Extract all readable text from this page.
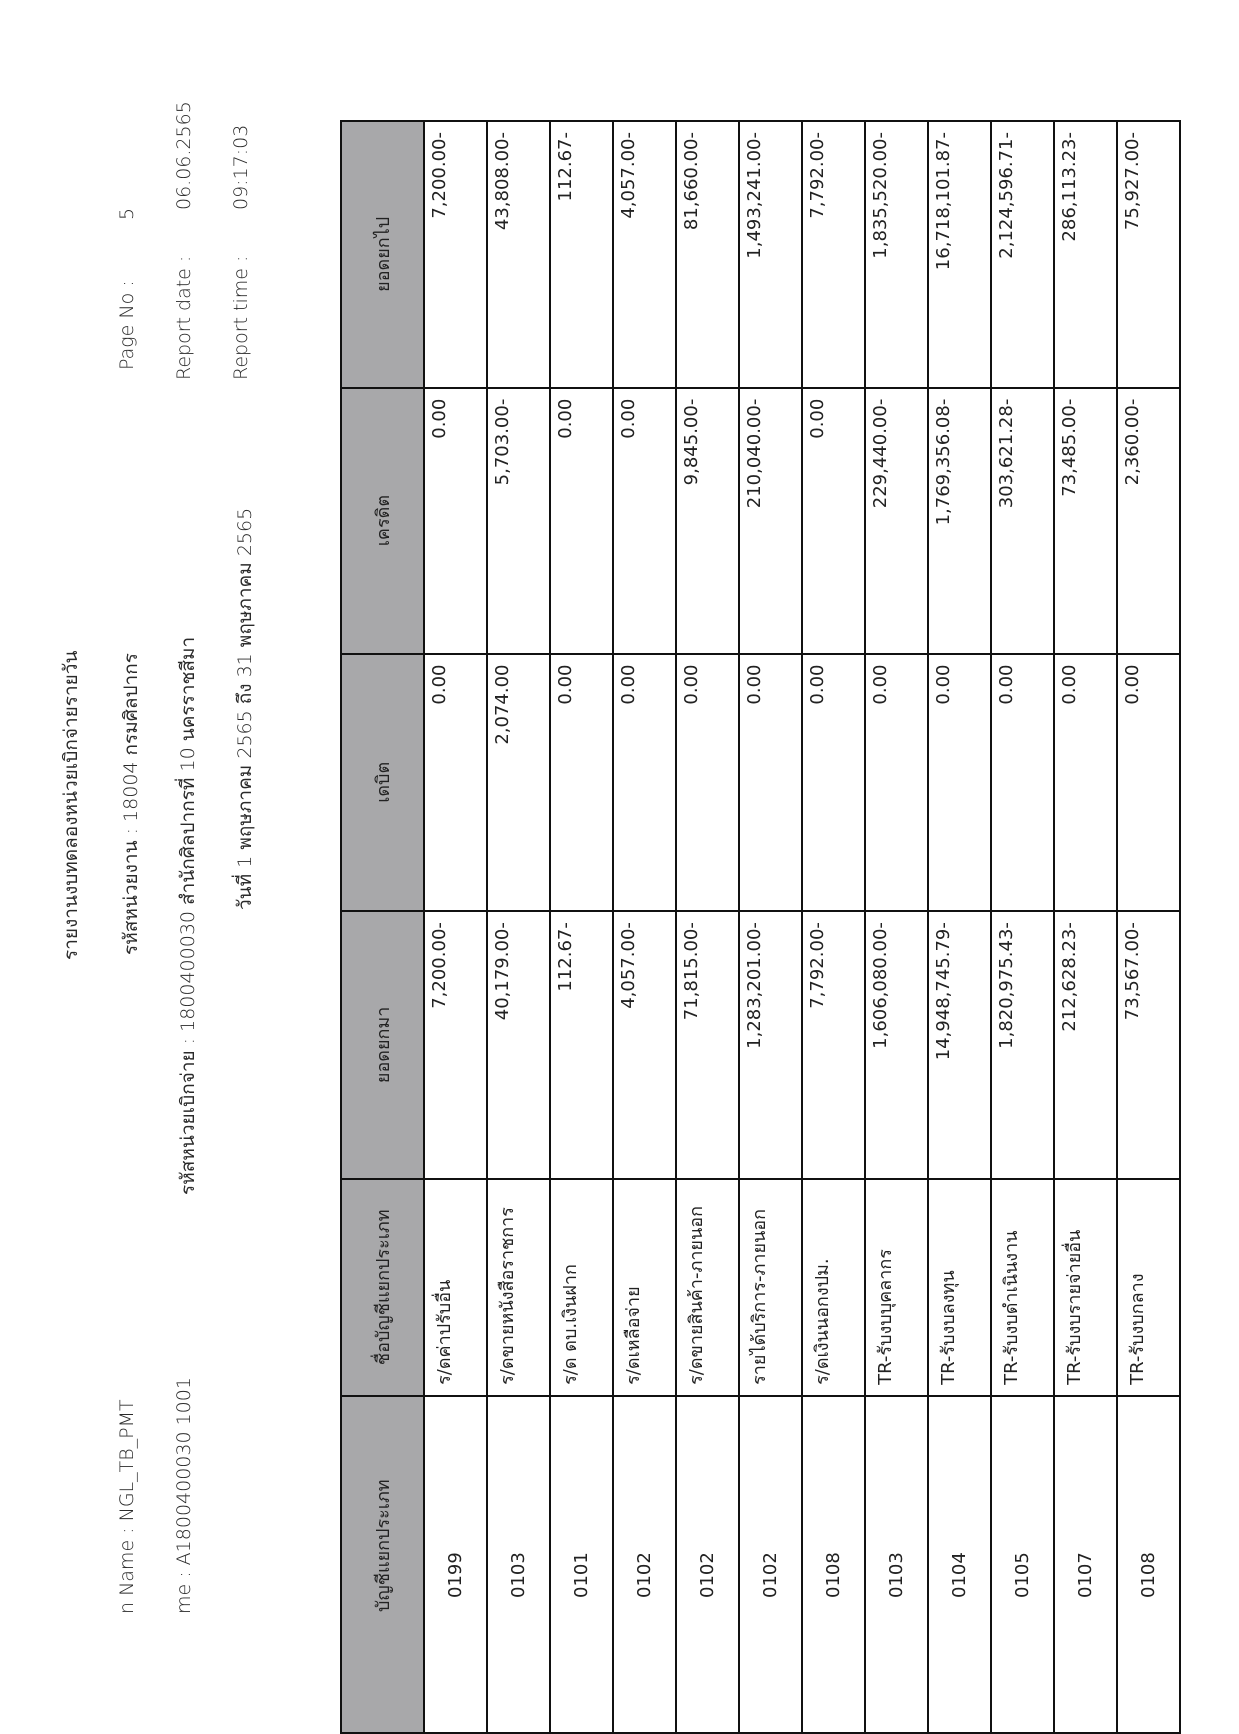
รายงานงบทดลองหน่วยเบิกจ่ายรายวัน รหัสหน่วยงาน : 18004 กรมศิลปากร รหัสหน่วยเบิกจ่าย : 1800400030 สำนักศิลปากรที่ 10 นครราชสีมา วันที่ 1 พฤษภาคม 2565 ถึง 31 พฤษภาคม 2565
n Name : NGL_TB_PMT me : A1800400030 1001
Page No :
5
Report date :
06.06.2565
Report time :
09:17:03
บัญชีแยกประเภท	ชื่อบัญชีแยกประเภท	ยอดยกมา	เดบิต	เครดิต	ยอดยกไป
0199	ร/ดค่าปรับอื่น	7,200.00-	0.00	0.00	7,200.00-
0103	ร/ดขายหนังสือราชการ	40,179.00-	2,074.00	5,703.00-	43,808.00-
0101	ร/ด ดบ.เงินฝาก	112.67-	0.00	0.00	112.67-
0102	ร/ดเหลือจ่าย	4,057.00-	0.00	0.00	4,057.00-
0102	ร/ดขายสินค้า-ภายนอก	71,815.00-	0.00	9,845.00-	81,660.00-
0102	รายได้บริการ-ภายนอก	1,283,201.00-	0.00	210,040.00-	1,493,241.00-
0108	ร/ดเงินนอกงปม.	7,792.00-	0.00	0.00	7,792.00-
0103	TR-รับงบบุคลากร	1,606,080.00-	0.00	229,440.00-	1,835,520.00-
0104	TR-รับงบลงทุน	14,948,745.79-	0.00	1,769,356.08-	16,718,101.87-
0105	TR-รับงบดำเนินงาน	1,820,975.43-	0.00	303,621.28-	2,124,596.71-
0107	TR-รับงบรายจ่ายอื่น	212,628.23-	0.00	73,485.00-	286,113.23-
0108	TR-รับงบกลาง	73,567.00-	0.00	2,360.00-	75,927.00-
